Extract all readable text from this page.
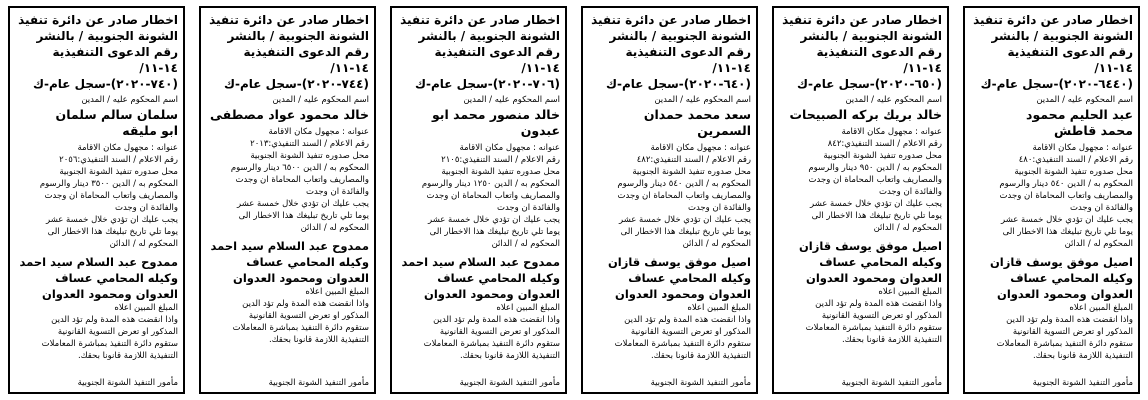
اخطار صادر عن دائرة تنفيذ
الشونة الجنوبية / بالنشر
رقم الدعوى التنفيذية ١٤-١١/
(٦٤٤٠-٢٠٢٠)-سجل عام-ك
اسم المحكوم عليه / المدين
عبد الحليم محمود
محمد قاطش
عنوانه : مجهول مكان الاقامة
رقم الاعلام / السند التنفيذي:٤٨٠
محل صدوره تنفيذ الشونة الجنوبية
المحكوم به / الدين ٥٤٠ دينار والرسوم
والمصاريف واتعاب المحاماة ان وجدت
والفائدة ان وجدت
يجب عليك ان تؤدي خلال خمسة عشر
يوما تلي تاريخ تبليغك هذا الاخطار الى
المحكوم له / الدائن
اصيل موفق يوسف قازان
وكيله المحامي عساف
العدوان ومحمود العدوان
المبلغ المبين اعلاه
واذا انقضت هذه المدة ولم تؤد الدين
المذكور او تعرض التسوية القانونية
ستقوم دائرة التنفيذ بمباشرة المعاملات
التنفيذية اللازمة قانونا بحقك.
مأمور التنفيذ الشونة الجنوبية
اخطار صادر عن دائرة تنفيذ
الشونة الجنوبية / بالنشر
رقم الدعوى التنفيذية ١٤-١١/
(٦٥٠-٢٠٢٠)-سجل عام-ك
اسم المحكوم عليه / المدين
خالد بريك بركه الصبيحات
عنوانه : مجهول مكان الاقامة
رقم الاعلام / السند التنفيذي:٨٤٢
محل صدوره تنفيذ الشونة الجنوبية
المحكوم به / الدين ٩٥٠ دينار والرسوم
والمصاريف واتعاب المحاماة ان وجدت
والفائدة ان وجدت
يجب عليك ان تؤدي خلال خمسة عشر
يوما تلي تاريخ تبليغك هذا الاخطار الى
المحكوم له / الدائن
اصيل موفق يوسف قازان
وكيله المحامي عساف
العدوان ومحمود العدوان
المبلغ المبين اعلاه
واذا انقضت هذه المدة ولم تؤد الدين
المذكور او تعرض التسوية القانونية
ستقوم دائرة التنفيذ بمباشرة المعاملات
التنفيذية اللازمة قانونا بحقك.
مأمور التنفيذ الشونة الجنوبية
اخطار صادر عن دائرة تنفيذ
الشونة الجنوبية / بالنشر
رقم الدعوى التنفيذية ١٤-١١/
(٦٤٠-٢٠٢٠)-سجل عام-ك
اسم المحكوم عليه / المدين
سعد محمد حمدان السمرين
عنوانه : مجهول مكان الاقامة
رقم الاعلام / السند التنفيذي:٤٨٢
محل صدوره تنفيذ الشونة الجنوبية
المحكوم به / الدين ٥٤٠ دينار والرسوم
والمصاريف واتعاب المحاماة ان وجدت
والفائدة ان وجدت
يجب عليك ان تؤدي خلال خمسة عشر
يوما تلي تاريخ تبليغك هذا الاخطار الى
المحكوم له / الدائن
اصيل موفق يوسف قازان
وكيله المحامي عساف
العدوان ومحمود العدوان
المبلغ المبين اعلاه
واذا انقضت هذه المدة ولم تؤد الدين
المذكور او تعرض التسوية القانونية
ستقوم دائرة التنفيذ بمباشرة المعاملات
التنفيذية اللازمة قانونا بحقك.
مأمور التنفيذ الشونة الجنوبية
اخطار صادر عن دائرة تنفيذ
الشونة الجنوبية / بالنشر
رقم الدعوى التنفيذية ١٤-١١/
(٧٠٦-٢٠٢٠)-سجل عام-ك
اسم المحكوم عليه / المدين
خالد منصور محمد ابو عبدون
عنوانه : مجهول مكان الاقامة
رقم الاعلام / السند التنفيذي:٢١٠٥
محل صدوره تنفيذ الشونة الجنوبية
المحكوم به / الدين ١٢٥٠ دينار والرسوم
والمصاريف واتعاب المحاماة ان وجدت
والفائدة ان وجدت
يجب عليك ان تؤدي خلال خمسة عشر
يوما تلي تاريخ تبليغك هذا الاخطار الى
المحكوم له / الدائن
ممدوح عبد السلام سيد احمد
وكيله المحامي عساف
العدوان ومحمود العدوان
المبلغ المبين اعلاه
واذا انقضت هذه المدة ولم تؤد الدين
المذكور او تعرض التسوية القانونية
ستقوم دائرة التنفيذ بمباشرة المعاملات
التنفيذية اللازمة قانونا بحقك.
مأمور التنفيذ الشونة الجنوبية
اخطار صادر عن دائرة تنفيذ
الشونة الجنوبية / بالنشر
رقم الدعوى التنفيذية ١٤-١١/
(٧٤٤-٢٠٢٠)-سجل عام-ك
اسم المحكوم عليه / المدين
خالد محمود عواد مصطفى
عنوانه : مجهول مكان الاقامة
رقم الاعلام / السند التنفيذي:٢٠١٣
محل صدوره تنفيذ الشونة الجنوبية
المحكوم به / الدين ٦٥٠٠ دينار والرسوم
والمصاريف واتعاب المحاماة ان وجدت
والفائدة ان وجدت
يجب عليك ان تؤدي خلال خمسة عشر
يوما تلي تاريخ تبليغك هذا الاخطار الى
المحكوم له / الدائن
ممدوح عبد السلام سيد احمد
وكيله المحامي عساف
العدوان ومحمود العدوان
المبلغ المبين اعلاه
واذا انقضت هذه المدة ولم تؤد الدين
المذكور او تعرض التسوية القانونية
ستقوم دائرة التنفيذ بمباشرة المعاملات
التنفيذية اللازمة قانونا بحقك.
مأمور التنفيذ الشونة الجنوبية
اخطار صادر عن دائرة تنفيذ
الشونة الجنوبية / بالنشر
رقم الدعوى التنفيذية ١٤-١١/
(٧٤٠-٢٠٢٠)-سجل عام-ك
اسم المحكوم عليه / المدين
سلمان سالم سلمان
ابو مليقه
عنوانه : مجهول مكان الاقامة
رقم الاعلام / السند التنفيذي:٢٠٥٦
محل صدوره تنفيذ الشونة الجنوبية
المحكوم به / الدين ٣٥٠٠ دينار والرسوم
والمصاريف واتعاب المحاماة ان وجدت
والفائدة ان وجدت
يجب عليك ان تؤدي خلال خمسة عشر
يوما تلي تاريخ تبليغك هذا الاخطار الى
المحكوم له / الدائن
ممدوح عبد السلام سيد احمد
وكيله المحامي عساف
العدوان ومحمود العدوان
المبلغ المبين اعلاه
واذا انقضت هذه المدة ولم تؤد الدين
المذكور او تعرض التسوية القانونية
ستقوم دائرة التنفيذ بمباشرة المعاملات
التنفيذية اللازمة قانونا بحقك.
مأمور التنفيذ الشونة الجنوبية
